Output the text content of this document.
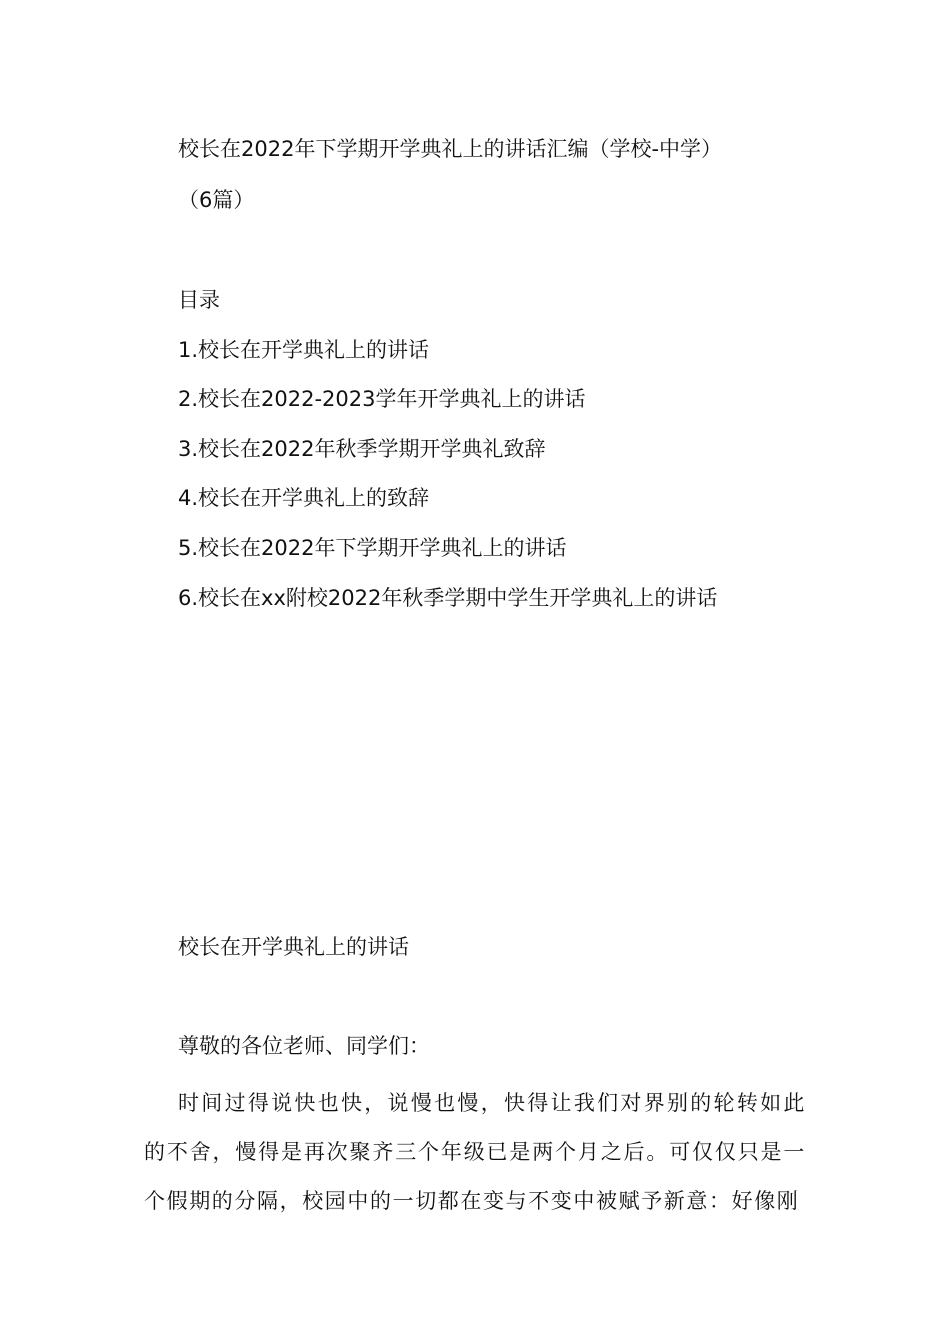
校长在2022年下学期开学典礼上的讲话汇编（学校-中学）
（6篇）
目录
1.校长在开学典礼上的讲话
2.校长在2022-2023学年开学典礼上的讲话
3.校长在2022年秋季学期开学典礼致辞
4.校长在开学典礼上的致辞
5.校长在2022年下学期开学典礼上的讲话
6.校长在xx附校2022年秋季学期中学生开学典礼上的讲话
校长在开学典礼上的讲话
尊敬的各位老师、同学们：
时间过得说快也快，说慢也慢，快得让我们对界别的轮转如此的不舍，慢得是再次聚齐三个年级已是两个月之后。可仅仅只是一个假期的分隔，校园中的一切都在变与不变中被赋予新意：好像刚
